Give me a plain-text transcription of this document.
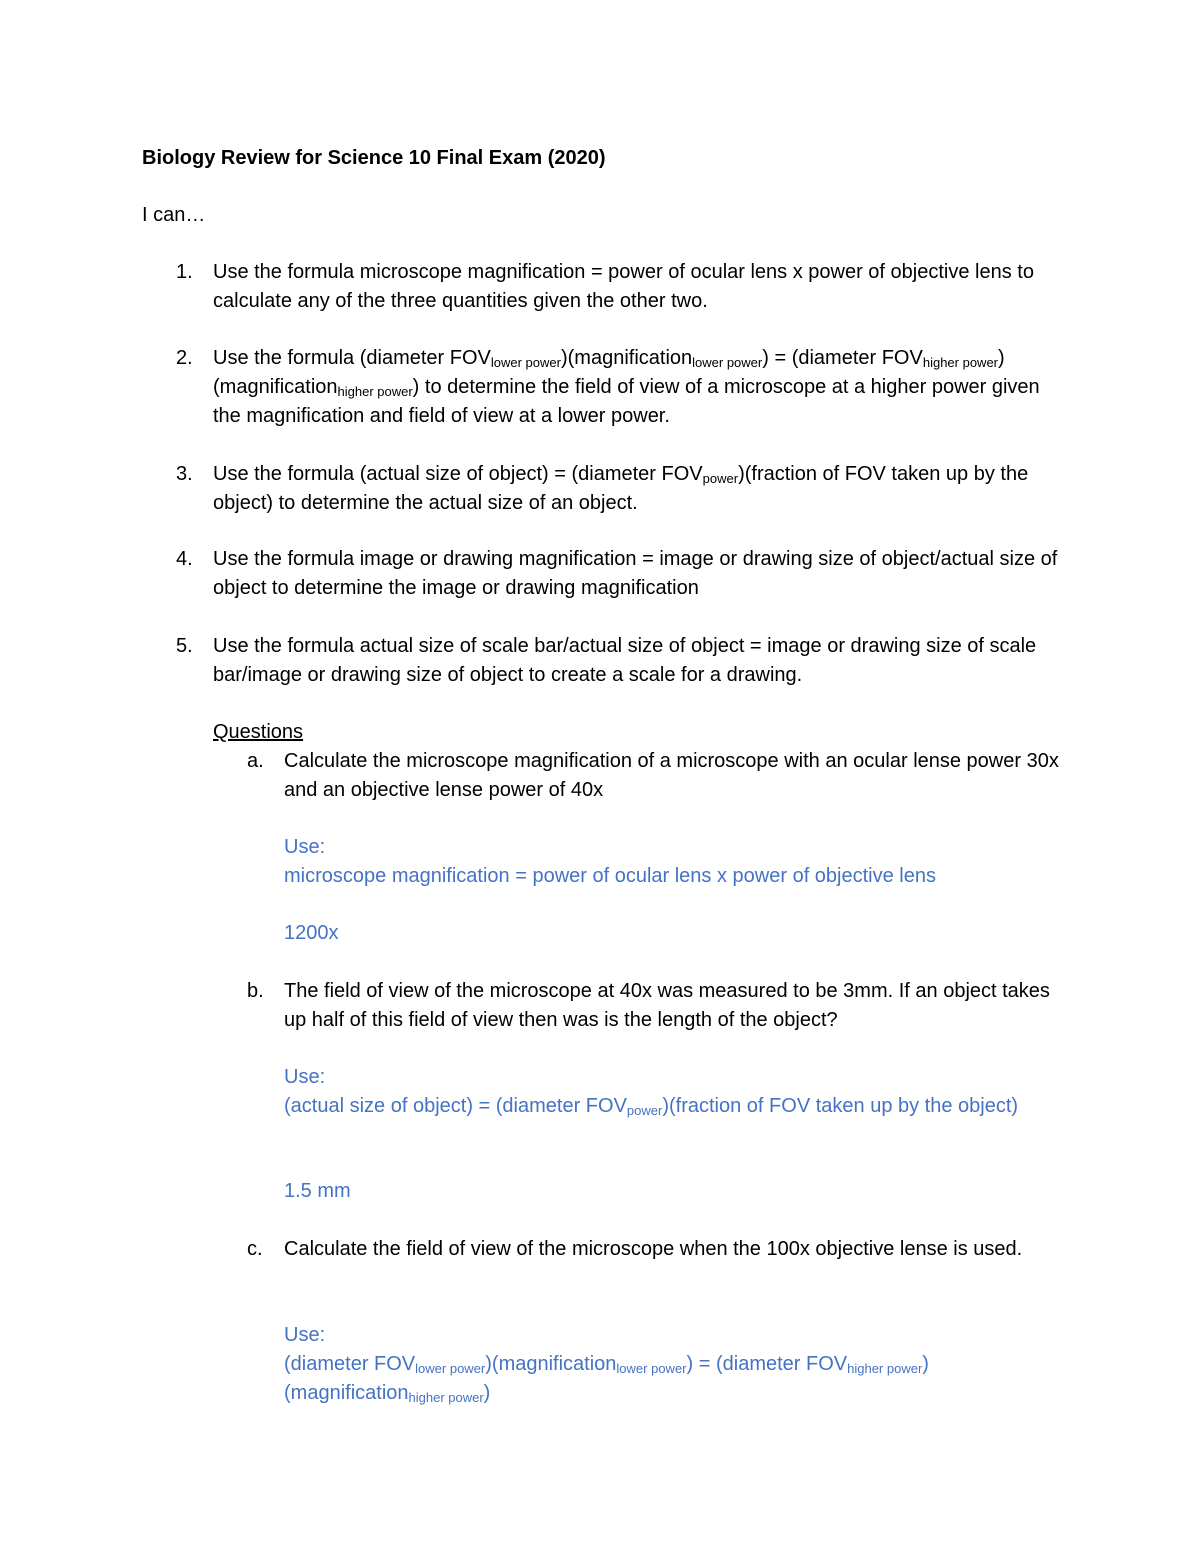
Biology Review for Science 10 Final Exam (2020)
I can…
1. Use the formula microscope magnification = power of ocular lens x power of objective lens to calculate any of the three quantities given the other two.
2. Use the formula (diameter $FOV_{lower power})(magnification_{lower power})$ = (diameter $FOV_{higher power})(magnification_{higher power})$ to determine the field of view of a microscope at a higher power given the magnification and field of view at a lower power.
3. Use the formula (actual size of object) = (diameter $FOV_{power})(fraction$ of FOV taken up by the object) to determine the actual size of an object.
4. Use the formula image or drawing magnification = image or drawing size of object/actual size of object to determine the image or drawing magnification
5. Use the formula actual size of scale bar/actual size of object = image or drawing size of scale bar/image or drawing size of object to create a scale for a drawing.
Questions
a. Calculate the microscope magnification of a microscope with an ocular lense power 30x and an objective lense power of 40x
Use:
microscope magnification = power of ocular lens x power of objective lens
1200x
b. The field of view of the microscope at 40x was measured to be 3mm. If an object takes up half of this field of view then was is the length of the object?
Use:
(actual size of object) = (diameter $FOV_{power})(fraction$ of FOV taken up by the object)
1.5 mm
c. Calculate the field of view of the microscope when the 100x objective lense is used.
Use:
(diameter $FOV_{lower power})(magnification_{lower power})$ = (diameter $FOV_{higher power})(magnification_{higher power})$
